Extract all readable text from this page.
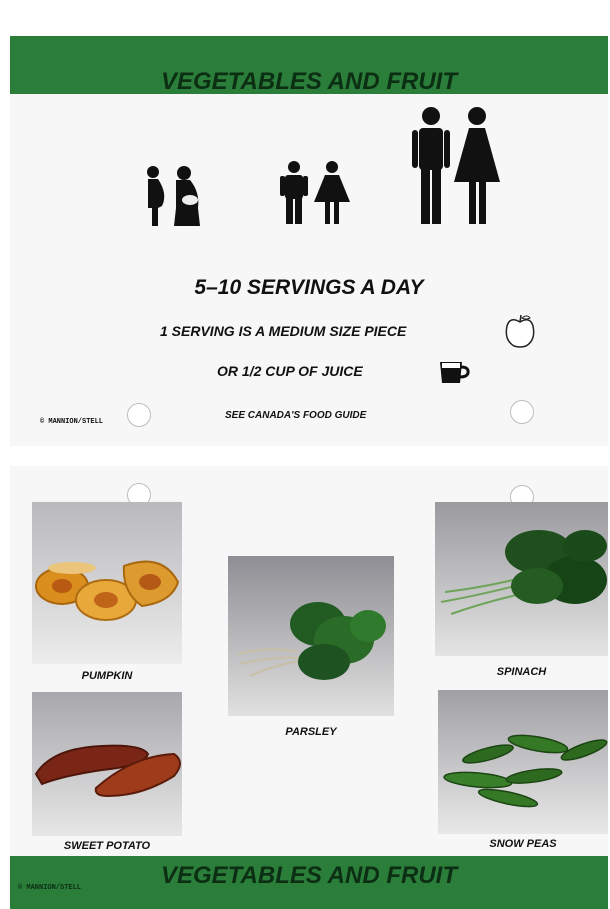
VEGETABLES AND FRUIT
5–10 SERVINGS A DAY
1 SERVING IS A MEDIUM SIZE PIECE
OR 1/2 CUP OF JUICE
© MANNION/STELL
SEE CANADA'S FOOD GUIDE
PUMPKIN
SWEET POTATO
PARSLEY
SPINACH
SNOW PEAS
VEGETABLES AND FRUIT
© MANNION/STELL
